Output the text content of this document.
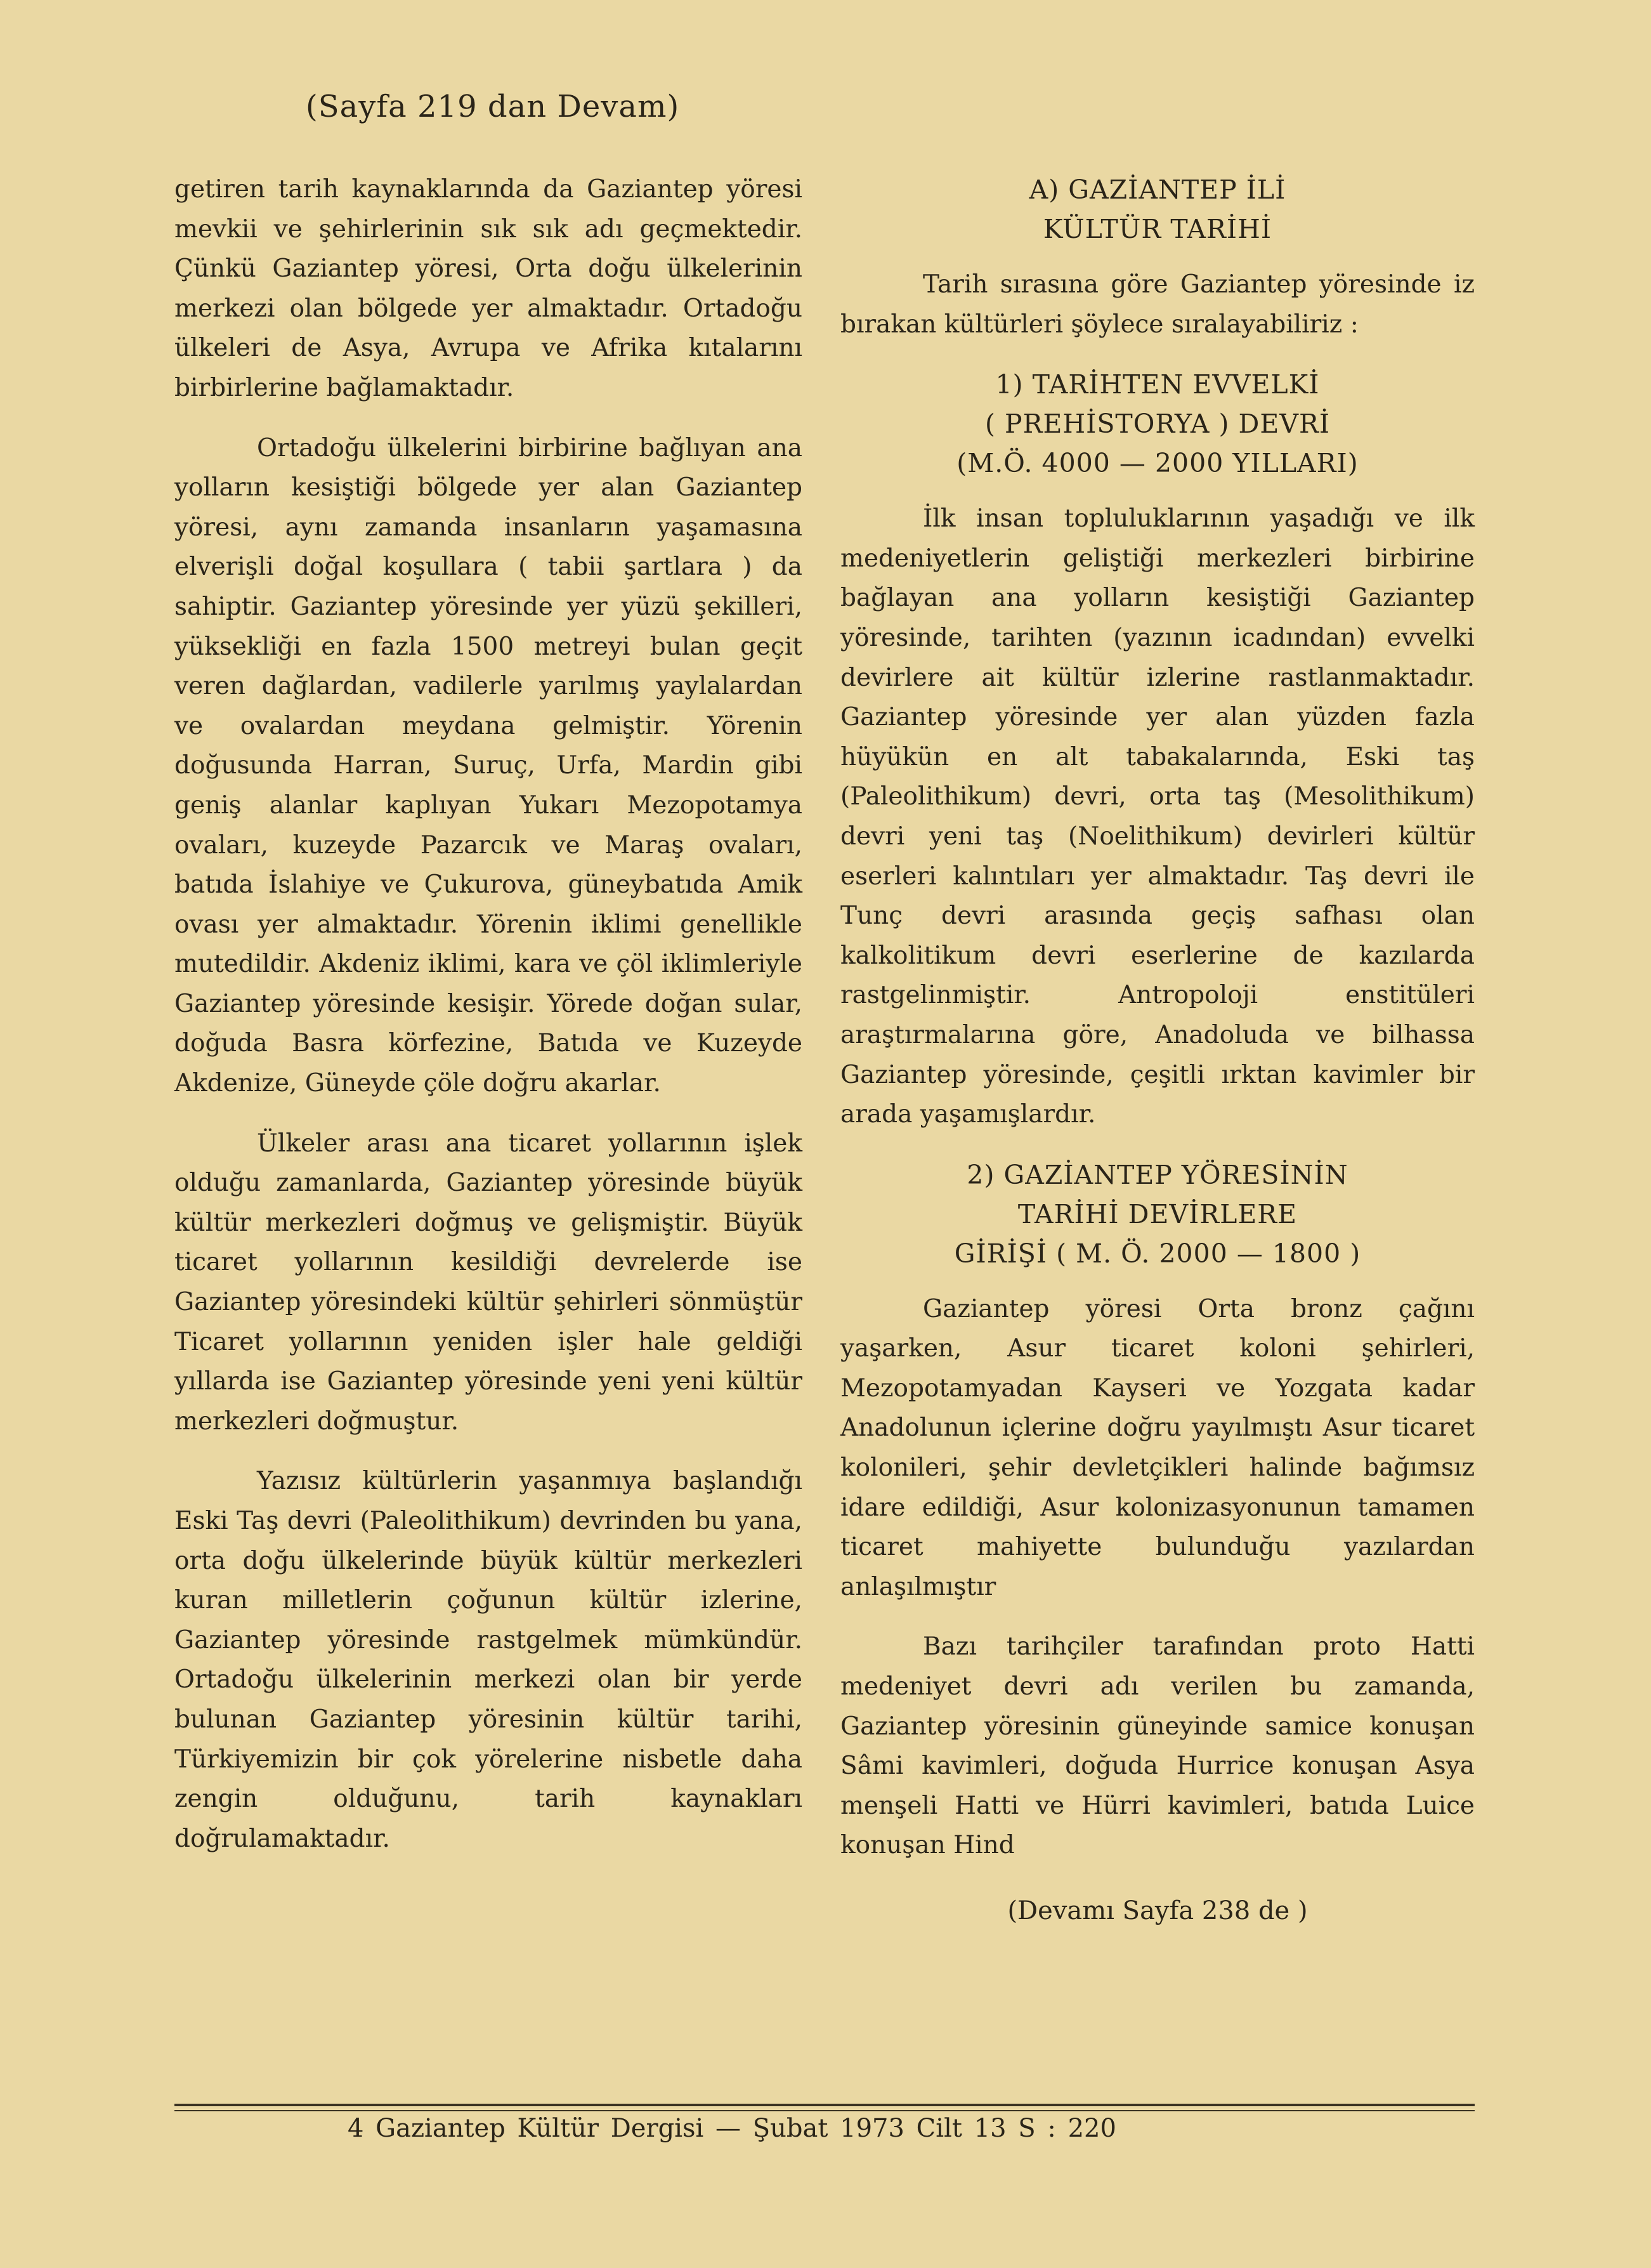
(Sayfa 219 dan Devam)

getiren tarih kaynaklarında da Gaziantep yöresi mevkii ve şehirlerinin sık sık adı geçmektedir. Çünkü Gaziantep yöresi, Orta doğu ülkelerinin merkezi olan bölgede yer almaktadır. Ortadoğu ülkeleri de Asya, Avrupa ve Afrika kıtalarını birbirlerine bağlamaktadır.

Ortadoğu ülkelerini birbirine bağlıyan ana yolların kesiştiği bölgede yer alan Gaziantep yöresi, aynı zamanda insanların yaşamasına elverişli doğal koşullara ( tabii şartlara ) da sahiptir. Gaziantep yöresinde yer yüzü şekilleri, yüksekliği en fazla 1500 metreyi bulan geçit veren dağlardan, vadilerle yarılmış yaylalardan ve ovalardan meydana gelmiştir. Yörenin doğusunda Harran, Suruç, Urfa, Mardin gibi geniş alanlar kaplıyan Yukarı Mezopotamya ovaları, kuzeyde Pazarcık ve Maraş ovaları, batıda İslahiye ve Çukurova, güneybatıda Amik ovası yer almaktadır. Yörenin iklimi genellikle mutedildir. Akdeniz iklimi, kara ve çöl iklimleriyle Gaziantep yöresinde kesişir. Yörede doğan sular, doğuda Basra körfezine, Batıda ve Kuzeyde Akdenize, Güneyde çöle doğru akarlar.

Ülkeler arası ana ticaret yollarının işlek olduğu zamanlarda, Gaziantep yöresinde büyük kültür merkezleri doğmuş ve gelişmiştir. Büyük ticaret yollarının kesildiği devrelerde ise Gaziantep yöresindeki kültür şehirleri sönmüştür Ticaret yollarının yeniden işler hale geldiği yıllarda ise Gaziantep yöresinde yeni yeni kültür merkezleri doğmuştur.

Yazısız kültürlerin yaşanmıya başlandığı Eski Taş devri (Paleolithikum) devrinden bu yana, orta doğu ülkelerinde büyük kültür merkezleri kuran milletlerin çoğunun kültür izlerine, Gaziantep yöresinde rastgelmek mümkündür. Ortadoğu ülkelerinin merkezi olan bir yerde bulunan Gaziantep yöresinin kültür tarihi, Türkiyemizin bir çok yörelerine nisbetle daha zengin olduğunu, tarih kaynakları doğrulamaktadır.

A) GAZİANTEP İLİ
KÜLTÜR TARİHİ

Tarih sırasına göre Gaziantep yöresinde iz bırakan kültürleri şöylece sıralayabiliriz :

1) TARİHTEN EVVELKİ
( PREHİSTORYA ) DEVRİ
(M.Ö. 4000 — 2000 YILLARI)

İlk insan topluluklarının yaşadığı ve ilk medeniyetlerin geliştiği merkezleri birbirine bağlayan ana yolların kesiştiği Gaziantep yöresinde, tarihten (yazının icadından) evvelki devirlere ait kültür izlerine rastlanmaktadır. Gaziantep yöresinde yer alan yüzden fazla hüyükün en alt tabakalarında, Eski taş (Paleolithikum) devri, orta taş (Mesolithikum) devri yeni taş (Noelithikum) devirleri kültür eserleri kalıntıları yer almaktadır. Taş devri ile Tunç devri arasında geçiş safhası olan kalkolitikum devri eserlerine de kazılarda rastgelinmiştir. Antropoloji enstitüleri araştırmalarına göre, Anadoluda ve bilhassa Gaziantep yöresinde, çeşitli ırktan kavimler bir arada yaşamışlardır.

2) GAZİANTEP YÖRESİNİN
TARİHİ DEVİRLERE
GİRİŞİ ( M. Ö. 2000 — 1800 )

Gaziantep yöresi Orta bronz çağını yaşarken, Asur ticaret koloni şehirleri, Mezopotamyadan Kayseri ve Yozgata kadar Anadolunun içlerine doğru yayılmıştı Asur ticaret kolonileri, şehir devletçikleri halinde bağımsız idare edildiği, Asur kolonizasyonunun tamamen ticaret mahiyette bulunduğu yazılardan anlaşılmıştır

Bazı tarihçiler tarafından proto Hatti medeniyet devri adı verilen bu zamanda, Gaziantep yöresinin güneyinde samice konuşan Sâmi kavimleri, doğuda Hurrice konuşan Asya menşeli Hatti ve Hürri kavimleri, batıda Luice konuşan Hind

(Devamı Sayfa 238 de )
4 Gaziantep Kültür Dergisi — Şubat 1973 Cilt 13 S : 220
